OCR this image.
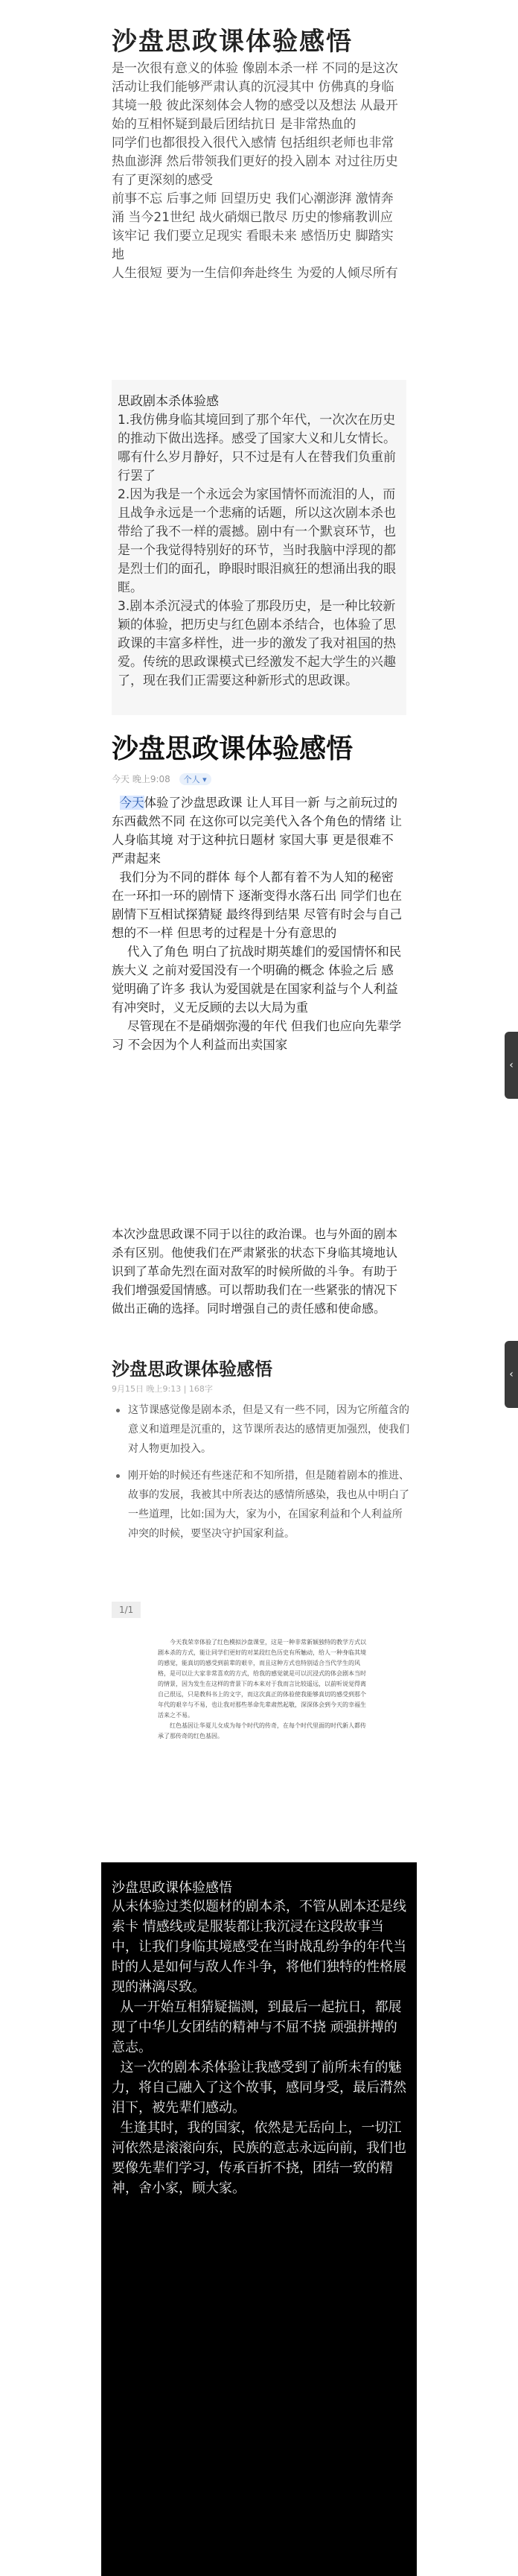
沙盘思政课体验感悟

是一次很有意义的体验 像剧本杀一样 不同的是这次活动让我们能够严肃认真的沉浸其中 仿佛真的身临其境一般 彼此深刻体会人物的感受以及想法 从最开始的互相怀疑到最后团结抗日 是非常热血的

同学们也都很投入很代入感情 包括组织老师也非常热血澎湃 然后带领我们更好的投入剧本 对过往历史有了更深刻的感受

前事不忘 后事之师 回望历史 我们心潮澎湃 激情奔涌 当今21世纪 战火硝烟已散尽 历史的惨痛教训应该牢记 我们要立足现实 看眼未来 感悟历史 脚踏实地

人生很短 要为一生信仰奔赴终生 为爱的人倾尽所有

思政剧本杀体验感

1.我仿佛身临其境回到了那个年代，一次次在历史的推动下做出选择。感受了国家大义和儿女情长。哪有什么岁月静好，只不过是有人在替我们负重前行罢了

2.因为我是一个永远会为家国情怀而流泪的人，而且战争永远是一个悲痛的话题，所以这次剧本杀也带给了我不一样的震撼。剧中有一个默哀环节，也是一个我觉得特别好的环节，当时我脑中浮现的都是烈士们的面孔，睁眼时眼泪疯狂的想涌出我的眼眶。

3.剧本杀沉浸式的体验了那段历史，是一种比较新颖的体验，把历史与红色剧本杀结合，也体验了思政课的丰富多样性，进一步的激发了我对祖国的热爱。传统的思政课模式已经激发不起大学生的兴趣了，现在我们正需要这种新形式的思政课。

沙盘思政课体验感悟
今天 晚上9:08 个人 ▾

今天体验了沙盘思政课 让人耳目一新 与之前玩过的东西截然不同 在这你可以完美代入各个角色的情绪 让人身临其境 对于这种抗日题材 家国大事 更是很难不严肃起来

我们分为不同的群体 每个人都有着不为人知的秘密 在一环扣一环的剧情下 逐渐变得水落石出 同学们也在剧情下互相试探猜疑 最终得到结果 尽管有时会与自己想的不一样 但思考的过程是十分有意思的

代入了角色 明白了抗战时期英雄们的爱国情怀和民族大义 之前对爱国没有一个明确的概念 体验之后 感觉明确了许多 我认为爱国就是在国家利益与个人利益有冲突时，义无反顾的去以大局为重

尽管现在不是硝烟弥漫的年代 但我们也应向先辈学习 不会因为个人利益而出卖国家

‹

本次沙盘思政课不同于以往的政治课。也与外面的剧本杀有区别。他使我们在严肃紧张的状态下身临其境地认识到了革命先烈在面对敌军的时候所做的斗争。有助于我们增强爱国情感。可以帮助我们在一些紧张的情况下做出正确的选择。同时增强自己的责任感和使命感。

沙盘思政课体验感悟
9月15日 晚上9:13 | 168字
‹
这节课感觉像是剧本杀，但是又有一些不同，因为它所蕴含的意义和道理是沉重的，这节课所表达的感情更加强烈，使我们对人物更加投入。
刚开始的时候还有些迷茫和不知所措，但是随着剧本的推进、故事的发展，我被其中所表达的感情所感染，我也从中明白了一些道理，比如:国为大，家为小，在国家利益和个人利益所冲突的时候，要坚决守护国家利益。
1/1

今天我荣幸体验了红色模拟沙盘课堂，这是一种非常新颖独特的教学方式以剧本杀的方式，能让同学们更好的对某段红色历史有所触动，给人一种身临其境的感觉，能真切的感受到前辈的艰辛，而且这种方式也特别适合当代学生的风格，是可以让大家非常喜欢的方式，给我的感觉就是可以沉浸式的体会剧本当时的情景，因为发生在这样的背景下的本来对于我而言比较遥远，以前听说觉得离自己很远，只是教科书上的文字，而这次真正的体验使我能够真切的感受到那个年代的艰辛与不易，也让我对那些革命先辈肃然起敬，深深体会到今天的幸福生活来之不易。

红色基因让华夏儿女成为每个时代的传奇，在每个时代里面的时代新人都传承了那传奇的红色基因。

沙盘思政课体验感悟

从未体验过类似题材的剧本杀，不管从剧本还是线索卡 情感线或是服装都让我沉浸在这段故事当中，让我们身临其境感受在当时战乱纷争的年代当时的人是如何与敌人作斗争，将他们独特的性格展现的淋漓尽致。

从一开始互相猜疑揣测，到最后一起抗日，都展现了中华儿女团结的精神与不屈不挠 顽强拼搏的意志。

这一次的剧本杀体验让我感受到了前所未有的魅力，将自己融入了这个故事，感同身受，最后潸然泪下，被先辈们感动。

生逢其时，我的国家，依然是无岳向上，一切江河依然是滚滚向东，民族的意志永远向前，我们也要像先辈们学习，传承百折不挠，团结一致的精神，舍小家，顾大家。
